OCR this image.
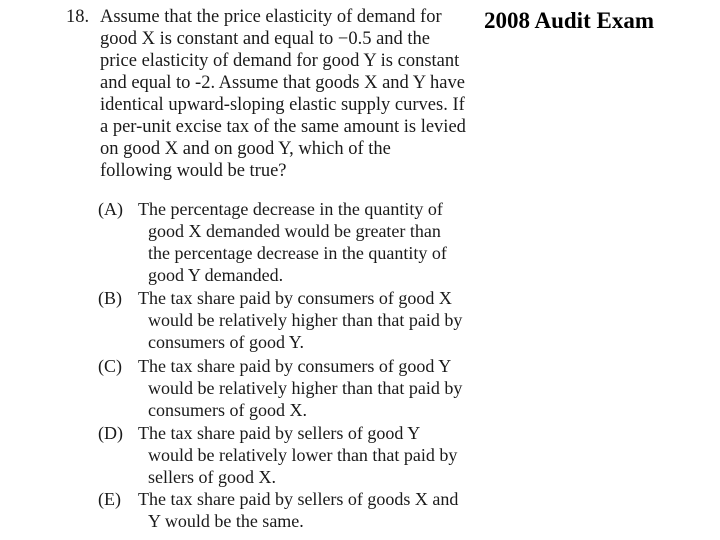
2008 Audit Exam
18. Assume that the price elasticity of demand for
good X is constant and equal to −0.5 and the
price elasticity of demand for good Y is constant
and equal to -2. Assume that goods X and Y have
identical upward-sloping elastic supply curves. If
a per-unit excise tax of the same amount is levied
on good X and on good Y, which of the
following would be true?
(A) The percentage decrease in the quantity of
good X demanded would be greater than
the percentage decrease in the quantity of
good Y demanded.
(B) The tax share paid by consumers of good X
would be relatively higher than that paid by
consumers of good Y.
(C) The tax share paid by consumers of good Y
would be relatively higher than that paid by
consumers of good X.
(D) The tax share paid by sellers of good Y
would be relatively lower than that paid by
sellers of good X.
(E) The tax share paid by sellers of goods X and
Y would be the same.
